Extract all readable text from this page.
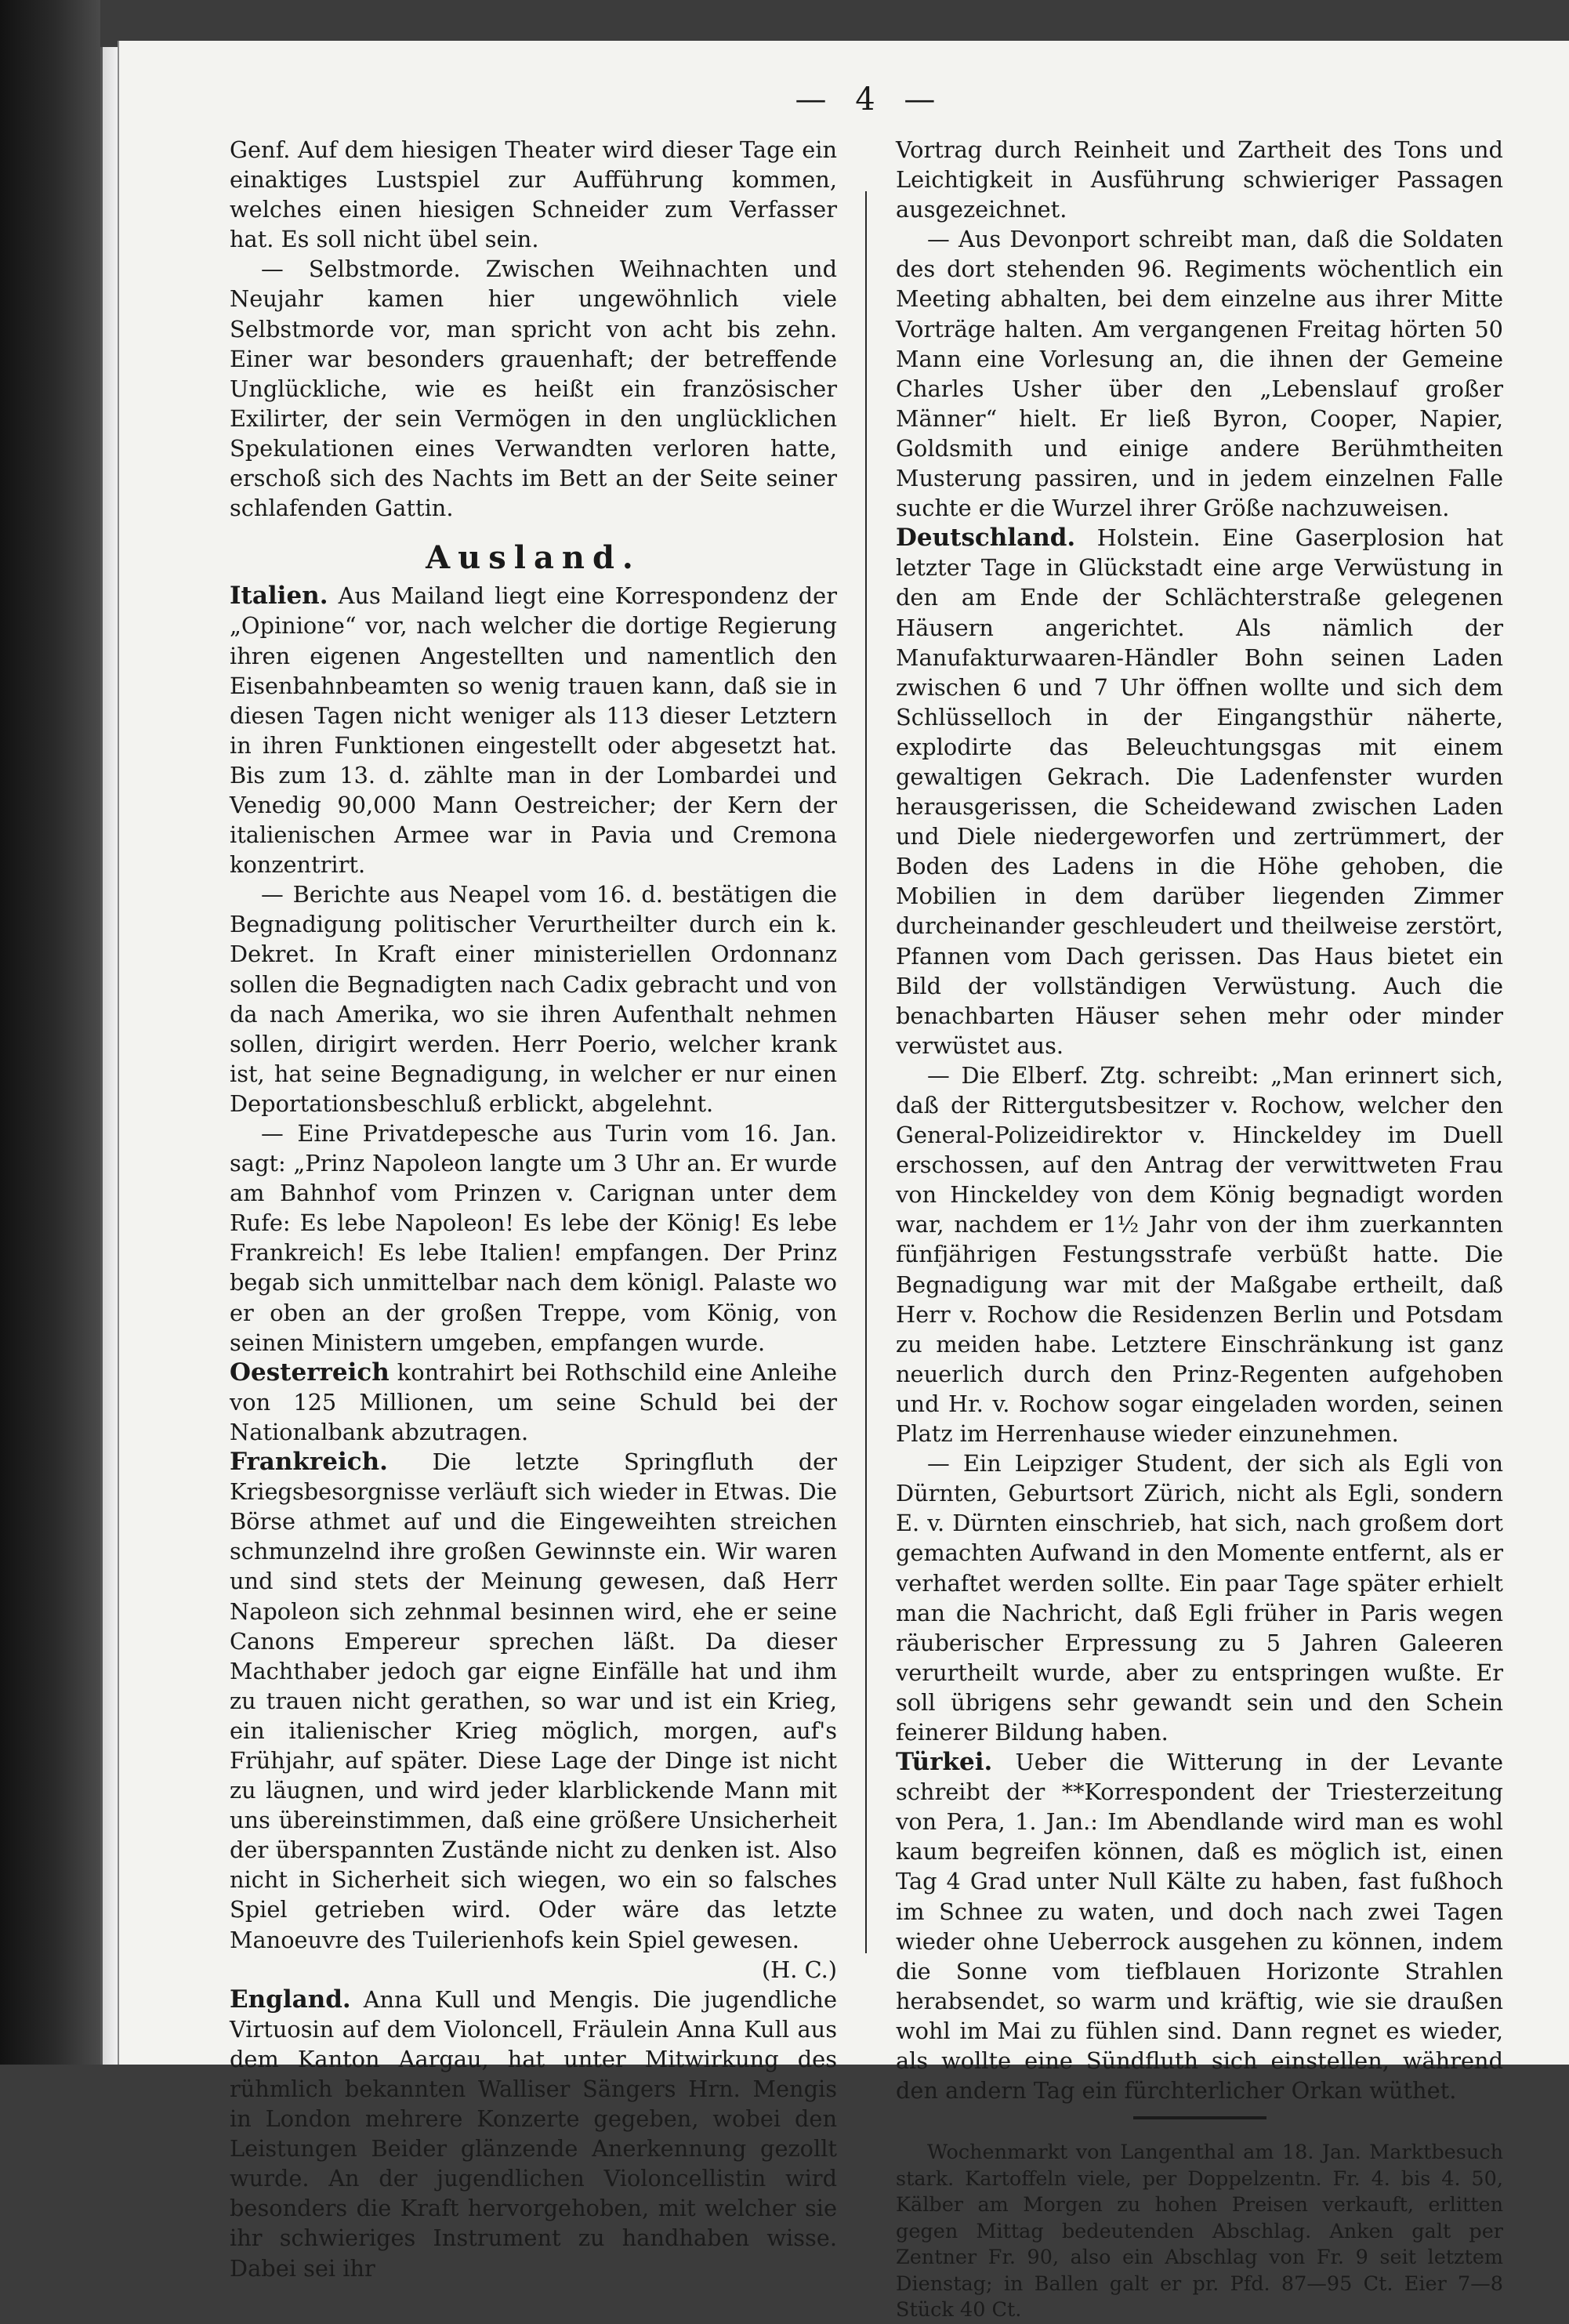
— 4 —

Genf. Auf dem hiesigen Theater wird dieser Tage ein einaktiges Lustspiel zur Aufführung kommen, welches einen hiesigen Schneider zum Verfasser hat. Es soll nicht übel sein.

— Selbstmorde. Zwischen Weihnachten und Neujahr kamen hier ungewöhnlich viele Selbstmorde vor, man spricht von acht bis zehn. Einer war besonders grauenhaft; der betreffende Unglückliche, wie es heißt ein französischer Exilirter, der sein Vermögen in den unglücklichen Spekulationen eines Verwandten verloren hatte, erschoß sich des Nachts im Bett an der Seite seiner schlafenden Gattin.

Ausland.

Italien. Aus Mailand liegt eine Korrespondenz der „Opinione“ vor, nach welcher die dortige Regierung ihren eigenen Angestellten und namentlich den Eisenbahnbeamten so wenig trauen kann, daß sie in diesen Tagen nicht weniger als 113 dieser Letztern in ihren Funktionen eingestellt oder abgesetzt hat. Bis zum 13. d. zählte man in der Lombardei und Venedig 90,000 Mann Oestreicher; der Kern der italienischen Armee war in Pavia und Cremona konzentrirt.

— Berichte aus Neapel vom 16. d. bestätigen die Begnadigung politischer Verurtheilter durch ein k. Dekret. In Kraft einer ministeriellen Ordonnanz sollen die Begnadigten nach Cadix gebracht und von da nach Amerika, wo sie ihren Aufenthalt nehmen sollen, dirigirt werden. Herr Poerio, welcher krank ist, hat seine Begnadigung, in welcher er nur einen Deportationsbeschluß erblickt, abgelehnt.

— Eine Privatdepesche aus Turin vom 16. Jan. sagt: „Prinz Napoleon langte um 3 Uhr an. Er wurde am Bahnhof vom Prinzen v. Carignan unter dem Rufe: Es lebe Napoleon! Es lebe der König! Es lebe Frankreich! Es lebe Italien! empfangen. Der Prinz begab sich unmittelbar nach dem königl. Palaste wo er oben an der großen Treppe, vom König, von seinen Ministern umgeben, empfangen wurde.

Oesterreich kontrahirt bei Rothschild eine Anleihe von 125 Millionen, um seine Schuld bei der Nationalbank abzutragen.

Frankreich. Die letzte Springfluth der Kriegsbesorgnisse verläuft sich wieder in Etwas. Die Börse athmet auf und die Eingeweihten streichen schmunzelnd ihre großen Gewinnste ein. Wir waren und sind stets der Meinung gewesen, daß Herr Napoleon sich zehnmal besinnen wird, ehe er seine Canons Empereur sprechen läßt. Da dieser Machthaber jedoch gar eigne Einfälle hat und ihm zu trauen nicht gerathen, so war und ist ein Krieg, ein italienischer Krieg möglich, morgen, auf's Frühjahr, auf später. Diese Lage der Dinge ist nicht zu läugnen, und wird jeder klarblickende Mann mit uns übereinstimmen, daß eine größere Unsicherheit der überspannten Zustände nicht zu denken ist. Also nicht in Sicherheit sich wiegen, wo ein so falsches Spiel getrieben wird. Oder wäre das letzte Manoeuvre des Tuilerienhofs kein Spiel gewesen.
(H. C.)

England. Anna Kull und Mengis. Die jugendliche Virtuosin auf dem Violoncell, Fräulein Anna Kull aus dem Kanton Aargau, hat unter Mitwirkung des rühmlich bekannten Walliser Sängers Hrn. Mengis in London mehrere Konzerte gegeben, wobei den Leistungen Beider glänzende Anerkennung gezollt wurde. An der jugendlichen Violoncellistin wird besonders die Kraft hervorgehoben, mit welcher sie ihr schwieriges Instrument zu handhaben wisse. Dabei sei ihr

Vortrag durch Reinheit und Zartheit des Tons und Leichtigkeit in Ausführung schwieriger Passagen ausgezeichnet.

— Aus Devonport schreibt man, daß die Soldaten des dort stehenden 96. Regiments wöchentlich ein Meeting abhalten, bei dem einzelne aus ihrer Mitte Vorträge halten. Am vergangenen Freitag hörten 50 Mann eine Vorlesung an, die ihnen der Gemeine Charles Usher über den „Lebenslauf großer Männer“ hielt. Er ließ Byron, Cooper, Napier, Goldsmith und einige andere Berühmtheiten Musterung passiren, und in jedem einzelnen Falle suchte er die Wurzel ihrer Größe nachzuweisen.

Deutschland. Holstein. Eine Gaserplosion hat letzter Tage in Glückstadt eine arge Verwüstung in den am Ende der Schlächterstraße gelegenen Häusern angerichtet. Als nämlich der Manufakturwaaren-Händler Bohn seinen Laden zwischen 6 und 7 Uhr öffnen wollte und sich dem Schlüsselloch in der Eingangsthür näherte, explodirte das Beleuchtungsgas mit einem gewaltigen Gekrach. Die Ladenfenster wurden herausgerissen, die Scheidewand zwischen Laden und Diele niedergeworfen und zertrümmert, der Boden des Ladens in die Höhe gehoben, die Mobilien in dem darüber liegenden Zimmer durcheinander geschleudert und theilweise zerstört, Pfannen vom Dach gerissen. Das Haus bietet ein Bild der vollständigen Verwüstung. Auch die benachbarten Häuser sehen mehr oder minder verwüstet aus.

— Die Elberf. Ztg. schreibt: „Man erinnert sich, daß der Rittergutsbesitzer v. Rochow, welcher den General-Polizeidirektor v. Hinckeldey im Duell erschossen, auf den Antrag der verwittweten Frau von Hinckeldey von dem König begnadigt worden war, nachdem er 1½ Jahr von der ihm zuerkannten fünfjährigen Festungsstrafe verbüßt hatte. Die Begnadigung war mit der Maßgabe ertheilt, daß Herr v. Rochow die Residenzen Berlin und Potsdam zu meiden habe. Letztere Einschränkung ist ganz neuerlich durch den Prinz-Regenten aufgehoben und Hr. v. Rochow sogar eingeladen worden, seinen Platz im Herrenhause wieder einzunehmen.

— Ein Leipziger Student, der sich als Egli von Dürnten, Geburtsort Zürich, nicht als Egli, sondern E. v. Dürnten einschrieb, hat sich, nach großem dort gemachten Aufwand in den Momente entfernt, als er verhaftet werden sollte. Ein paar Tage später erhielt man die Nachricht, daß Egli früher in Paris wegen räuberischer Erpressung zu 5 Jahren Galeeren verurtheilt wurde, aber zu entspringen wußte. Er soll übrigens sehr gewandt sein und den Schein feinerer Bildung haben.

Türkei. Ueber die Witterung in der Levante schreibt der **Korrespondent der Triesterzeitung von Pera, 1. Jan.: Im Abendlande wird man es wohl kaum begreifen können, daß es möglich ist, einen Tag 4 Grad unter Null Kälte zu haben, fast fußhoch im Schnee zu waten, und doch nach zwei Tagen wieder ohne Ueberrock ausgehen zu können, indem die Sonne vom tiefblauen Horizonte Strahlen herabsendet, so warm und kräftig, wie sie draußen wohl im Mai zu fühlen sind. Dann regnet es wieder, als wollte eine Sündfluth sich einstellen, während den andern Tag ein fürchterlicher Orkan wüthet.

Wochenmarkt von Langenthal am 18. Jan. Marktbesuch stark. Kartoffeln viele, per Doppelzentn. Fr. 4. bis 4. 50, Kälber am Morgen zu hohen Preisen verkauft, erlitten gegen Mittag bedeutenden Abschlag. Anken galt per Zentner Fr. 90, also ein Abschlag von Fr. 9 seit letztem Dienstag; in Ballen galt er pr. Pfd. 87—95 Ct. Eier 7—8 Stück 40 Ct.
